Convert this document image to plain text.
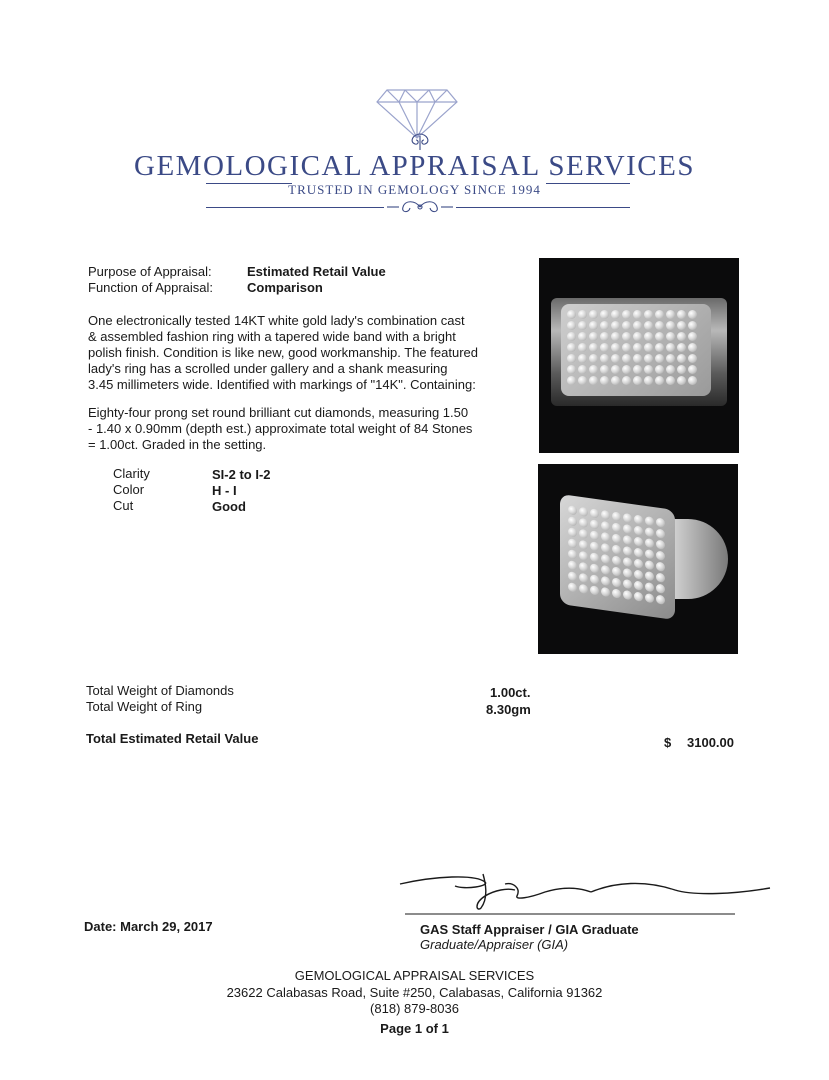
GEMOLOGICAL APPRAISAL SERVICES
TRUSTED IN GEMOLOGY SINCE 1994
Purpose of Appraisal:	Estimated Retail Value
Function of Appraisal:	Comparison
One electronically tested 14KT white gold lady's combination cast
& assembled fashion ring with a tapered wide band with a bright
polish finish. Condition is like new, good workmanship. The featured
lady's ring has a scrolled under gallery and a shank measuring
3.45 millimeters wide. Identified with markings of "14K". Containing:
Eighty-four prong set round brilliant cut diamonds, measuring 1.50
- 1.40 x 0.90mm (depth est.) approximate total weight of 84 Stones
= 1.00ct. Graded in the setting.
Clarity	SI-2 to I-2
Color	H - I
Cut	Good
Total Weight of Diamonds	1.00ct.
Total Weight of Ring	8.30gm
Total Estimated Retail Value	$ 3100.00
Date: March 29, 2017	GAS Staff Appraiser / GIA Graduate
Graduate/Appraiser (GIA)
GEMOLOGICAL APPRAISAL SERVICES
23622 Calabasas Road, Suite #250, Calabasas, California 91362
(818) 879-8036
Page 1 of 1
